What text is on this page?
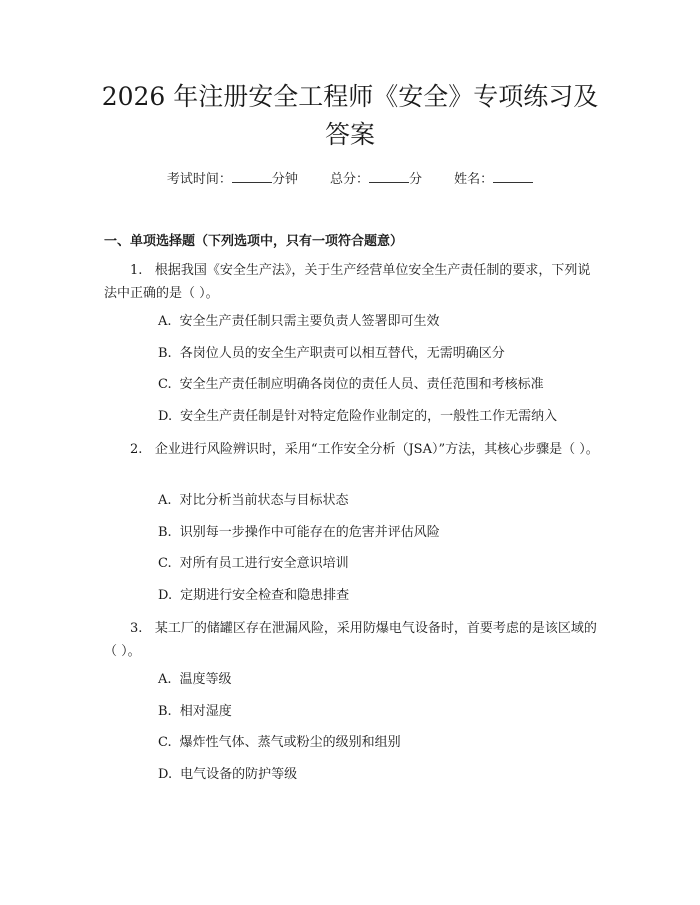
2026 年注册安全工程师《安全》专项练习及答案
考试时间：	分钟 总分：	分 姓名：
一、单项选择题（下列选项中，只有一项符合题意）
1. 根据我国《安全生产法》，关于生产经营单位安全生产责任制的要求，下列说法中正确的是（ ）。
A. 安全生产责任制只需主要负责人签署即可生效
B. 各岗位人员的安全生产职责可以相互替代，无需明确区分
C. 安全生产责任制应明确各岗位的责任人员、责任范围和考核标准
D. 安全生产责任制是针对特定危险作业制定的，一般性工作无需纳入
2. 企业进行风险辨识时，采用“工作安全分析（JSA）”方法，其核心步骤是（ ）。
A. 对比分析当前状态与目标状态
B. 识别每一步操作中可能存在的危害并评估风险
C. 对所有员工进行安全意识培训
D. 定期进行安全检查和隐患排查
3. 某工厂的储罐区存在泄漏风险，采用防爆电气设备时，首要考虑的是该区域的（ ）。
A. 温度等级
B. 相对湿度
C. 爆炸性气体、蒸气或粉尘的级别和组别
D. 电气设备的防护等级
